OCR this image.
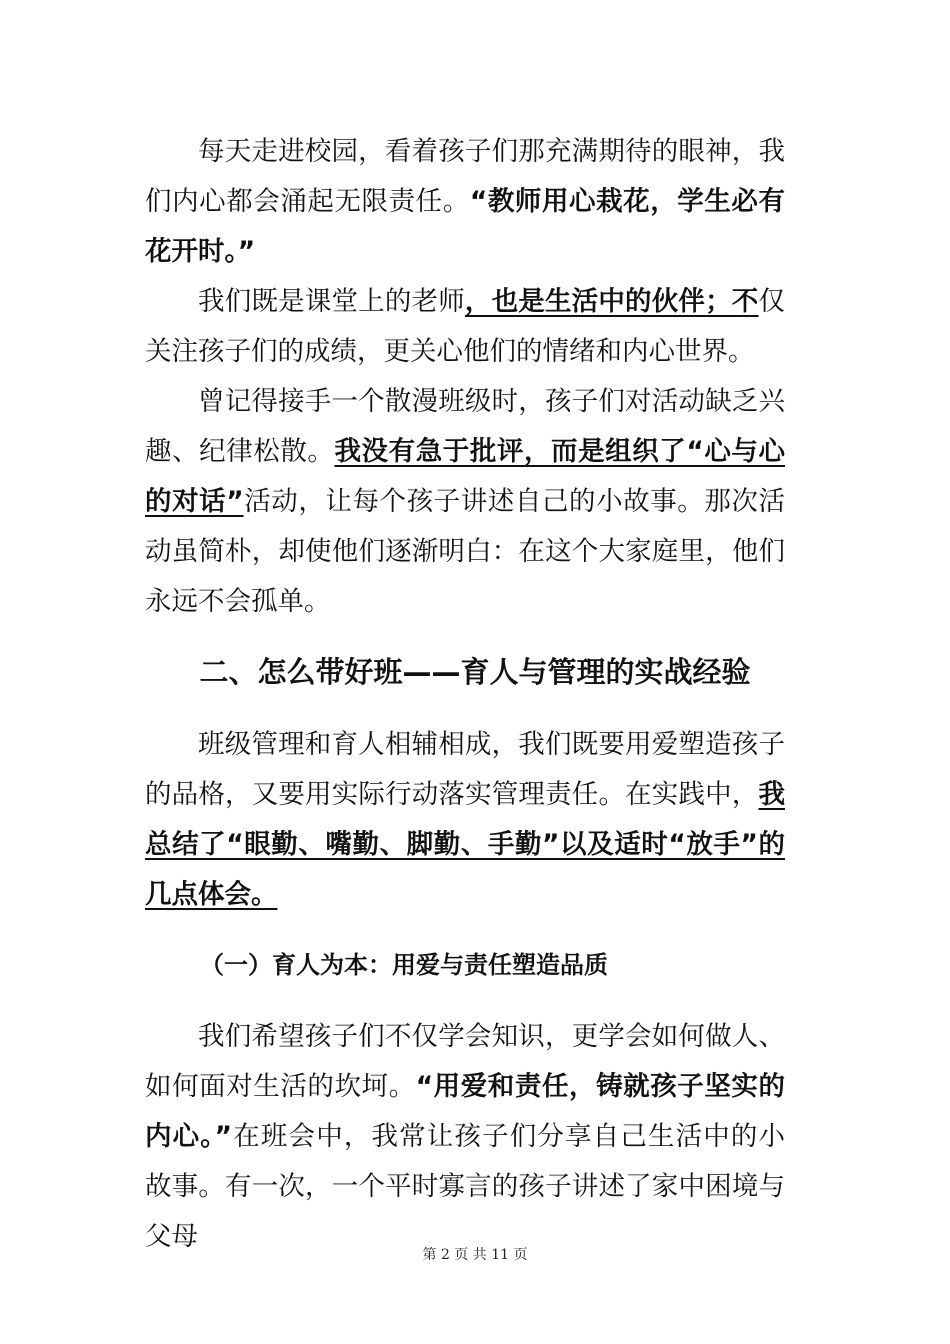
每天走进校园，看着孩子们那充满期待的眼神，我们内心都会涌起无限责任。“教师用心栽花，学生必有花开时。”

我们既是课堂上的老师，也是生活中的伙伴；不仅关注孩子们的成绩，更关心他们的情绪和内心世界。

曾记得接手一个散漫班级时，孩子们对活动缺乏兴趣、纪律松散。我没有急于批评，而是组织了“心与心的对话”活动，让每个孩子讲述自己的小故事。那次活动虽简朴，却使他们逐渐明白：在这个大家庭里，他们永远不会孤单。

二、怎么带好班——育人与管理的实战经验

班级管理和育人相辅相成，我们既要用爱塑造孩子的品格，又要用实际行动落实管理责任。在实践中，我总结了“眼勤、嘴勤、脚勤、手勤”以及适时“放手”的几点体会。

（一）育人为本：用爱与责任塑造品质

我们希望孩子们不仅学会知识，更学会如何做人、如何面对生活的坎坷。“用爱和责任，铸就孩子坚实的内心。”在班会中，我常让孩子们分享自己生活中的小故事。有一次，一个平时寡言的孩子讲述了家中困境与父母

第 2 页 共 11 页
